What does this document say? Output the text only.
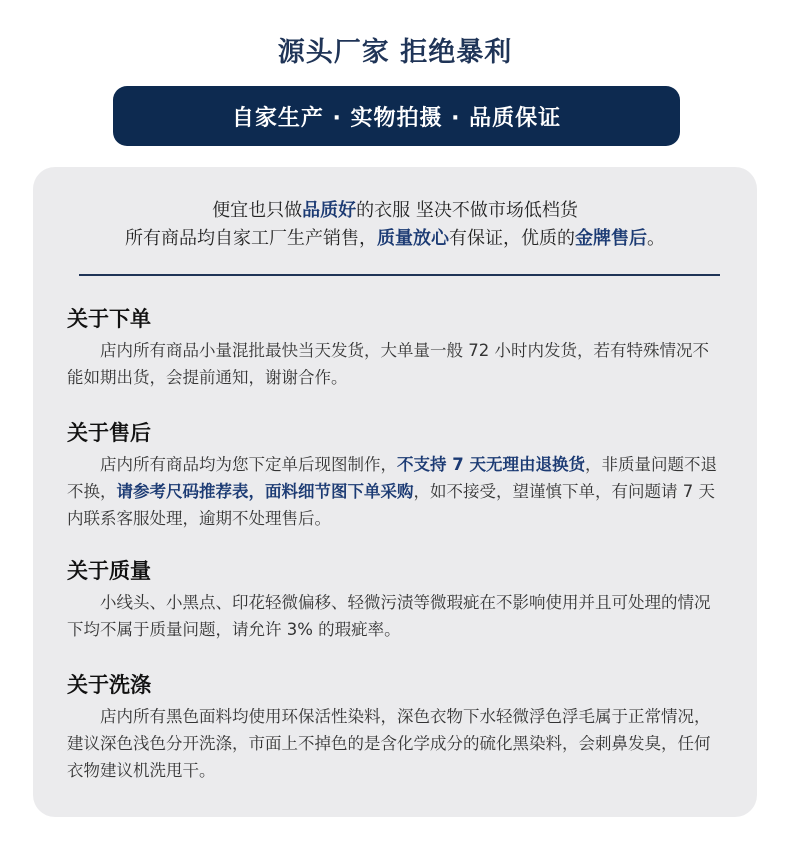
源头厂家 拒绝暴利
自家生产 · 实物拍摄 · 品质保证
便宜也只做品质好的衣服 坚决不做市场低档货
所有商品均自家工厂生产销售，质量放心有保证，优质的金牌售后。
关于下单
店内所有商品小量混批最快当天发货，大单量一般 72 小时内发货，若有特殊情况不能如期出货，会提前通知，谢谢合作。
关于售后
店内所有商品均为您下定单后现图制作，不支持 7 天无理由退换货，非质量问题不退不换，请参考尺码推荐表，面料细节图下单采购，如不接受，望谨慎下单，有问题请 7 天内联系客服处理，逾期不处理售后。
关于质量
小线头、小黑点、印花轻微偏移、轻微污渍等微瑕疵在不影响使用并且可处理的情况下均不属于质量问题，请允许 3% 的瑕疵率。
关于洗涤
店内所有黑色面料均使用环保活性染料，深色衣物下水轻微浮色浮毛属于正常情况，建议深色浅色分开洗涤，市面上不掉色的是含化学成分的硫化黑染料，会刺鼻发臭，任何衣物建议机洗甩干。
